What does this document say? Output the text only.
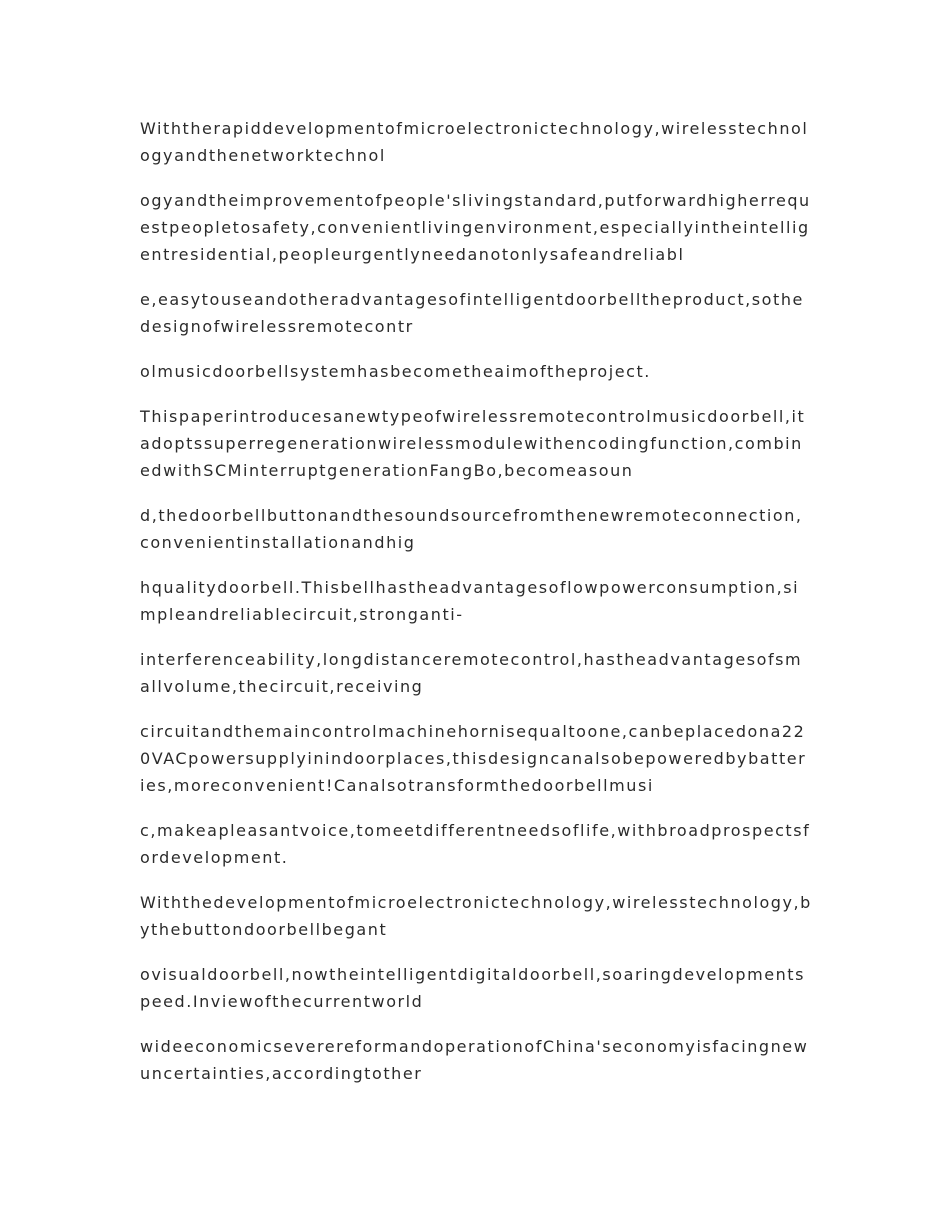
Withtherapiddevelopmentofmicroelectronictechnology,wirelesstechnologyandthenetworktechnol

ogyandtheimprovementofpeople'slivingstandard,putforwardhigherrequestpeopletosafety,convenientlivingenvironment,especiallyintheintelligentresidential,peopleurgentlyneedanotonlysafeandreliabl

e,easytouseandotheradvantagesofintelligentdoorbelltheproduct,sothedesignofwirelessremotecontr

olmusicdoorbellsystemhasbecometheaimoftheproject.

Thispaperintroducesanewtypeofwirelessremotecontrolmusicdoorbell,itadoptssuperregenerationwirelessmodulewithencodingfunction,combinedwithSCMinterruptgenerationFangBo,becomeasoun

d,thedoorbellbuttonandthesoundsourcefromthenewremoteconnection,convenientinstallationandhig

hqualitydoorbell.Thisbellhastheadvantagesoflowpowerconsumption,simpleandreliablecircuit,stronganti-

interferenceability,longdistanceremotecontrol,hastheadvantagesofsmallvolume,thecircuit,receiving

circuitandthemaincontrolmachinehornisequaltoone,canbeplacedona220VACpowersupplyinindoorplaces,thisdesigncanalsobepoweredbybatteries,moreconvenient!Canalsotransformthedoorbellmusi

c,makeapleasantvoice,tomeetdifferentneedsoflife,withbroadprospectsfordevelopment.

Withthedevelopmentofmicroelectronictechnology,wirelesstechnology,bythebuttondoorbellbegant

ovisualdoorbell,nowtheintelligentdigitaldoorbell,soaringdevelopmentspeed.Inviewofthecurrentworld

wideeconomicseverereformandoperationofChina'seconomyisfacingnewuncertainties,accordingtother
